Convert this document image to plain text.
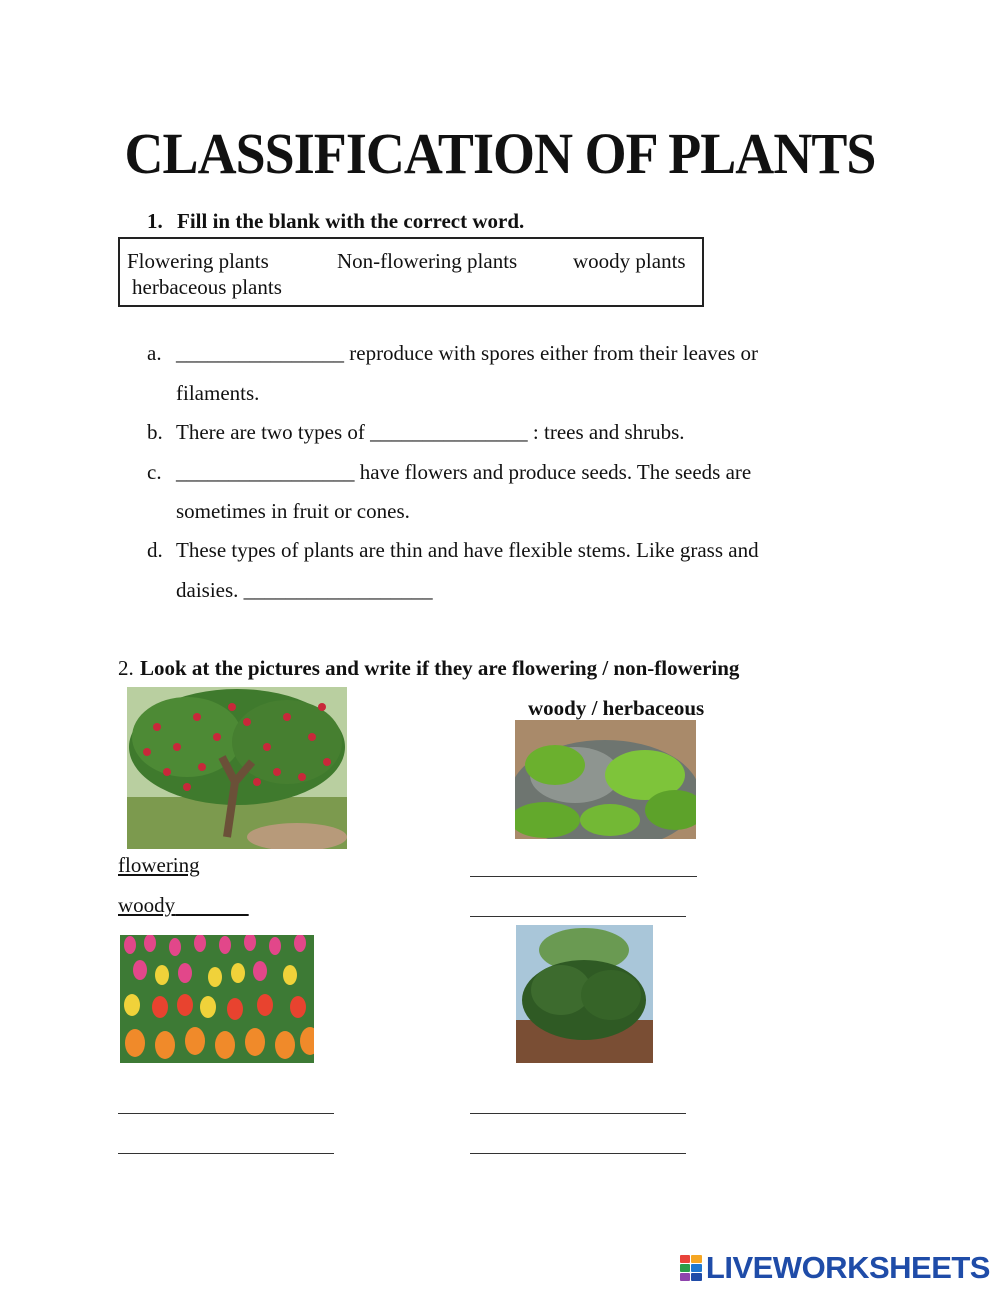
CLASSIFICATION OF PLANTS
1. Fill in the blank with the correct word.
Flowering plants	Non-flowering plants	woody plants
herbaceous plants
a. ________________ reproduce with spores either from their leaves or
filaments.
b. There are two types of _______________ : trees and shrubs.
c. _________________ have flowers and produce seeds. The seeds are
sometimes in fruit or cones.
d. These types of plants are thin and have flexible stems. Like grass and
daisies. __________________
2. Look at the pictures and write if they are flowering / non-flowering
woody / herbaceous
flowering
woody
LIVEWORKSHEETS
